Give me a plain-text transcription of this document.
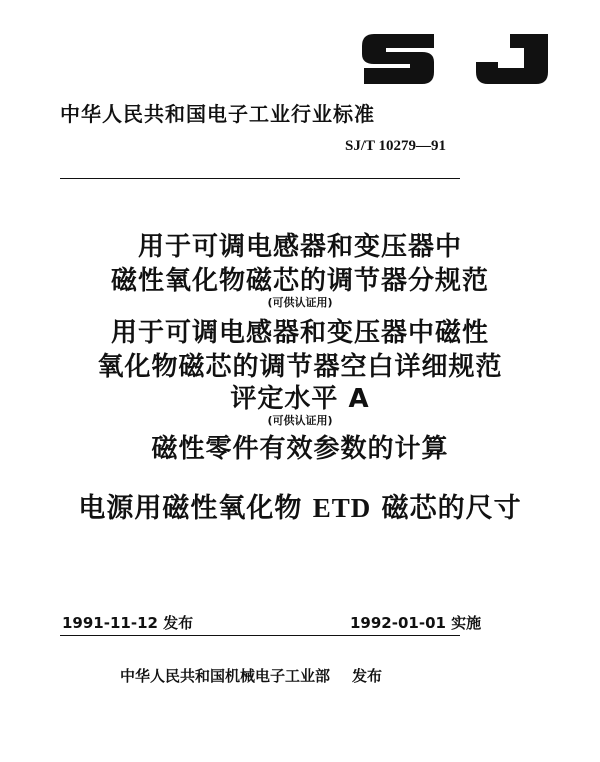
中华人民共和国电子工业行业标准
SJ/T 10279—91
用于可调电感器和变压器中
磁性氧化物磁芯的调节器分规范
(可供认证用)
用于可调电感器和变压器中磁性
氧化物磁芯的调节器空白详细规范
评定水平 A
(可供认证用)
磁性零件有效参数的计算
电源用磁性氧化物 ETD 磁芯的尺寸
1991-11-12 发布	1992-01-01 实施
中华人民共和国机械电子工业部 发布
